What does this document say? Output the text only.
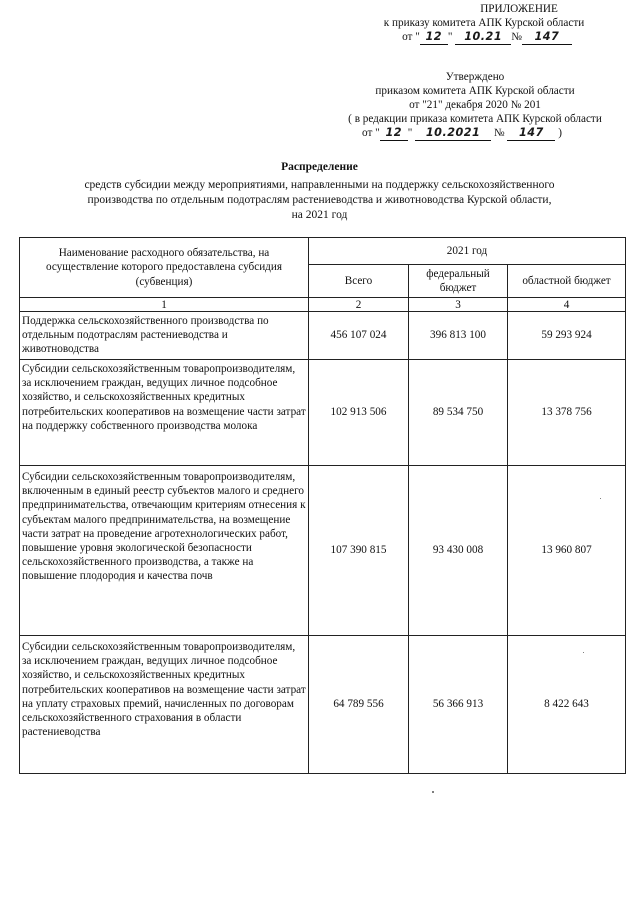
ПРИЛОЖЕНИЕ
к приказу комитета АПК Курской области
от " 12 " 10.21 № 147
Утверждено
приказом комитета АПК Курской области
от "21" декабря 2020 № 201
( в редакции приказа комитета АПК Курской области
от " 12 " 10.2021 № 147 )
Распределение
средств субсидии между мероприятиями, направленными на поддержку сельскохозяйственного
производства по отдельным подотраслям растениеводства и животноводства Курской области,
на 2021 год
Наименование расходного обязательства, на осуществление которого предоставлена субсидия (субвенция)	2021 год		
	Всего	федеральный бюджет	областной бюджет
1	2	3	4
Поддержка сельскохозяйственного производства по отдельным подотраслям растениеводства и животноводства	456 107 024	396 813 100	59 293 924
Субсидии сельскохозяйственным товаропроизводителям, за исключением граждан, ведущих личное подсобное хозяйство, и сельскохозяйственных кредитных потребительских кооперативов на возмещение части затрат на поддержку собственного производства молока	102 913 506	89 534 750	13 378 756
Субсидии сельскохозяйственным товаропроизводителям, включенным в единый реестр субъектов малого и среднего предпринимательства, отвечающим критериям отнесения к субъектам малого предпринимательства, на возмещение части затрат на проведение агротехнологических работ, повышение уровня экологической безопасности сельскохозяйственного производства, а также на повышение плодородия и качества почв	107 390 815	93 430 008	13 960 807
Субсидии сельскохозяйственным товаропроизводителям, за исключением граждан, ведущих личное подсобное хозяйство, и сельскохозяйственных кредитных потребительских кооперативов на возмещение части затрат на уплату страховых премий, начисленных по договорам сельскохозяйственного страхования в области растениеводства	64 789 556	56 366 913	8 422 643
